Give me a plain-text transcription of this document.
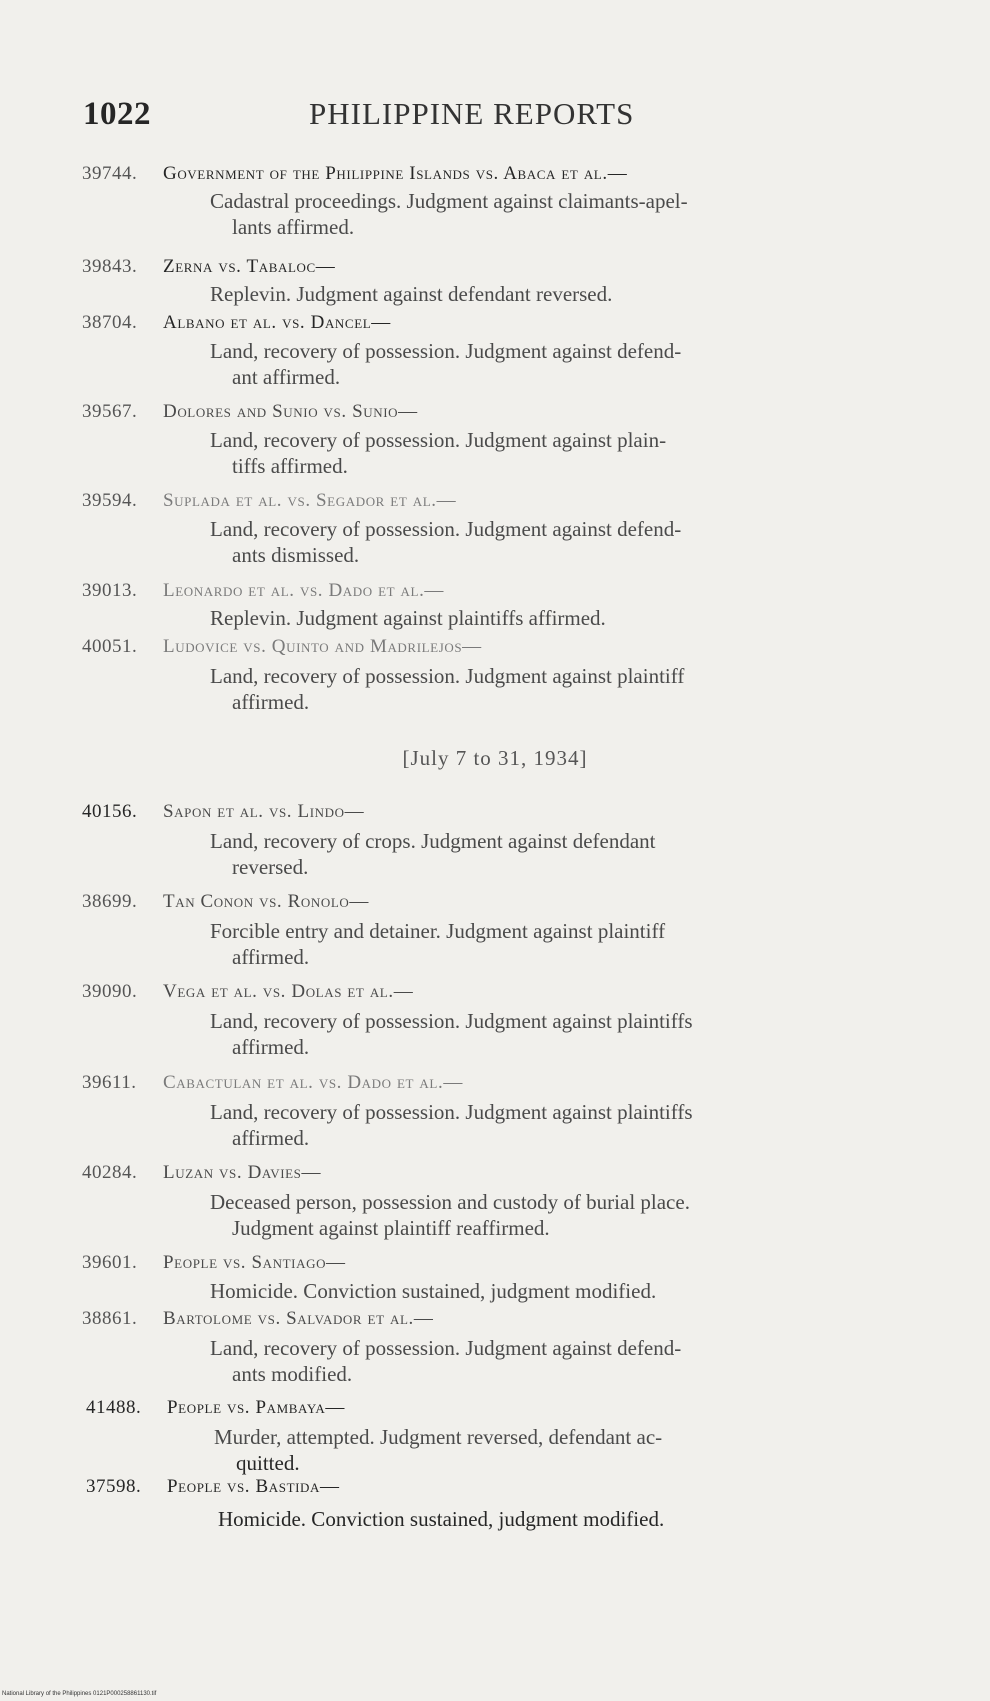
1022	PHILIPPINE REPORTS
39744. Government of the Philippine Islands vs. Abaca et al.—
Cadastral proceedings. Judgment against claimants-apel-
lants affirmed.
39843. Zerna vs. Tabaloc—
Replevin. Judgment against defendant reversed.
38704. Albano et al. vs. Dancel—
Land, recovery of possession. Judgment against defend-
ant affirmed.
39567. Dolores and Sunio vs. Sunio—
Land, recovery of possession. Judgment against plain-
tiffs affirmed.
39594. Suplada et al. vs. Segador et al.—
Land, recovery of possession. Judgment against defend-
ants dismissed.
39013. Leonardo et al. vs. Dado et al.—
Replevin. Judgment against plaintiffs affirmed.
40051. Ludovice vs. Quinto and Madrilejos—
Land, recovery of possession. Judgment against plaintiff
affirmed.
[July 7 to 31, 1934]
40156. Sapon et al. vs. Lindo—
Land, recovery of crops. Judgment against defendant
reversed.
38699. Tan Conon vs. Ronolo—
Forcible entry and detainer. Judgment against plaintiff
affirmed.
39090. Vega et al. vs. Dolas et al.—
Land, recovery of possession. Judgment against plaintiffs
affirmed.
39611. Cabactulan et al. vs. Dado et al.—
Land, recovery of possession. Judgment against plaintiffs
affirmed.
40284. Luzan vs. Davies—
Deceased person, possession and custody of burial place.
Judgment against plaintiff reaffirmed.
39601. People vs. Santiago—
Homicide. Conviction sustained, judgment modified.
38861. Bartolome vs. Salvador et al.—
Land, recovery of possession. Judgment against defend-
ants modified.
41488. People vs. Pambaya—
Murder, attempted. Judgment reversed, defendant ac-
quitted.
37598. People vs. Bastida—
Homicide. Conviction sustained, judgment modified.
National Library of the Philippines 0121P000258861130.tif
